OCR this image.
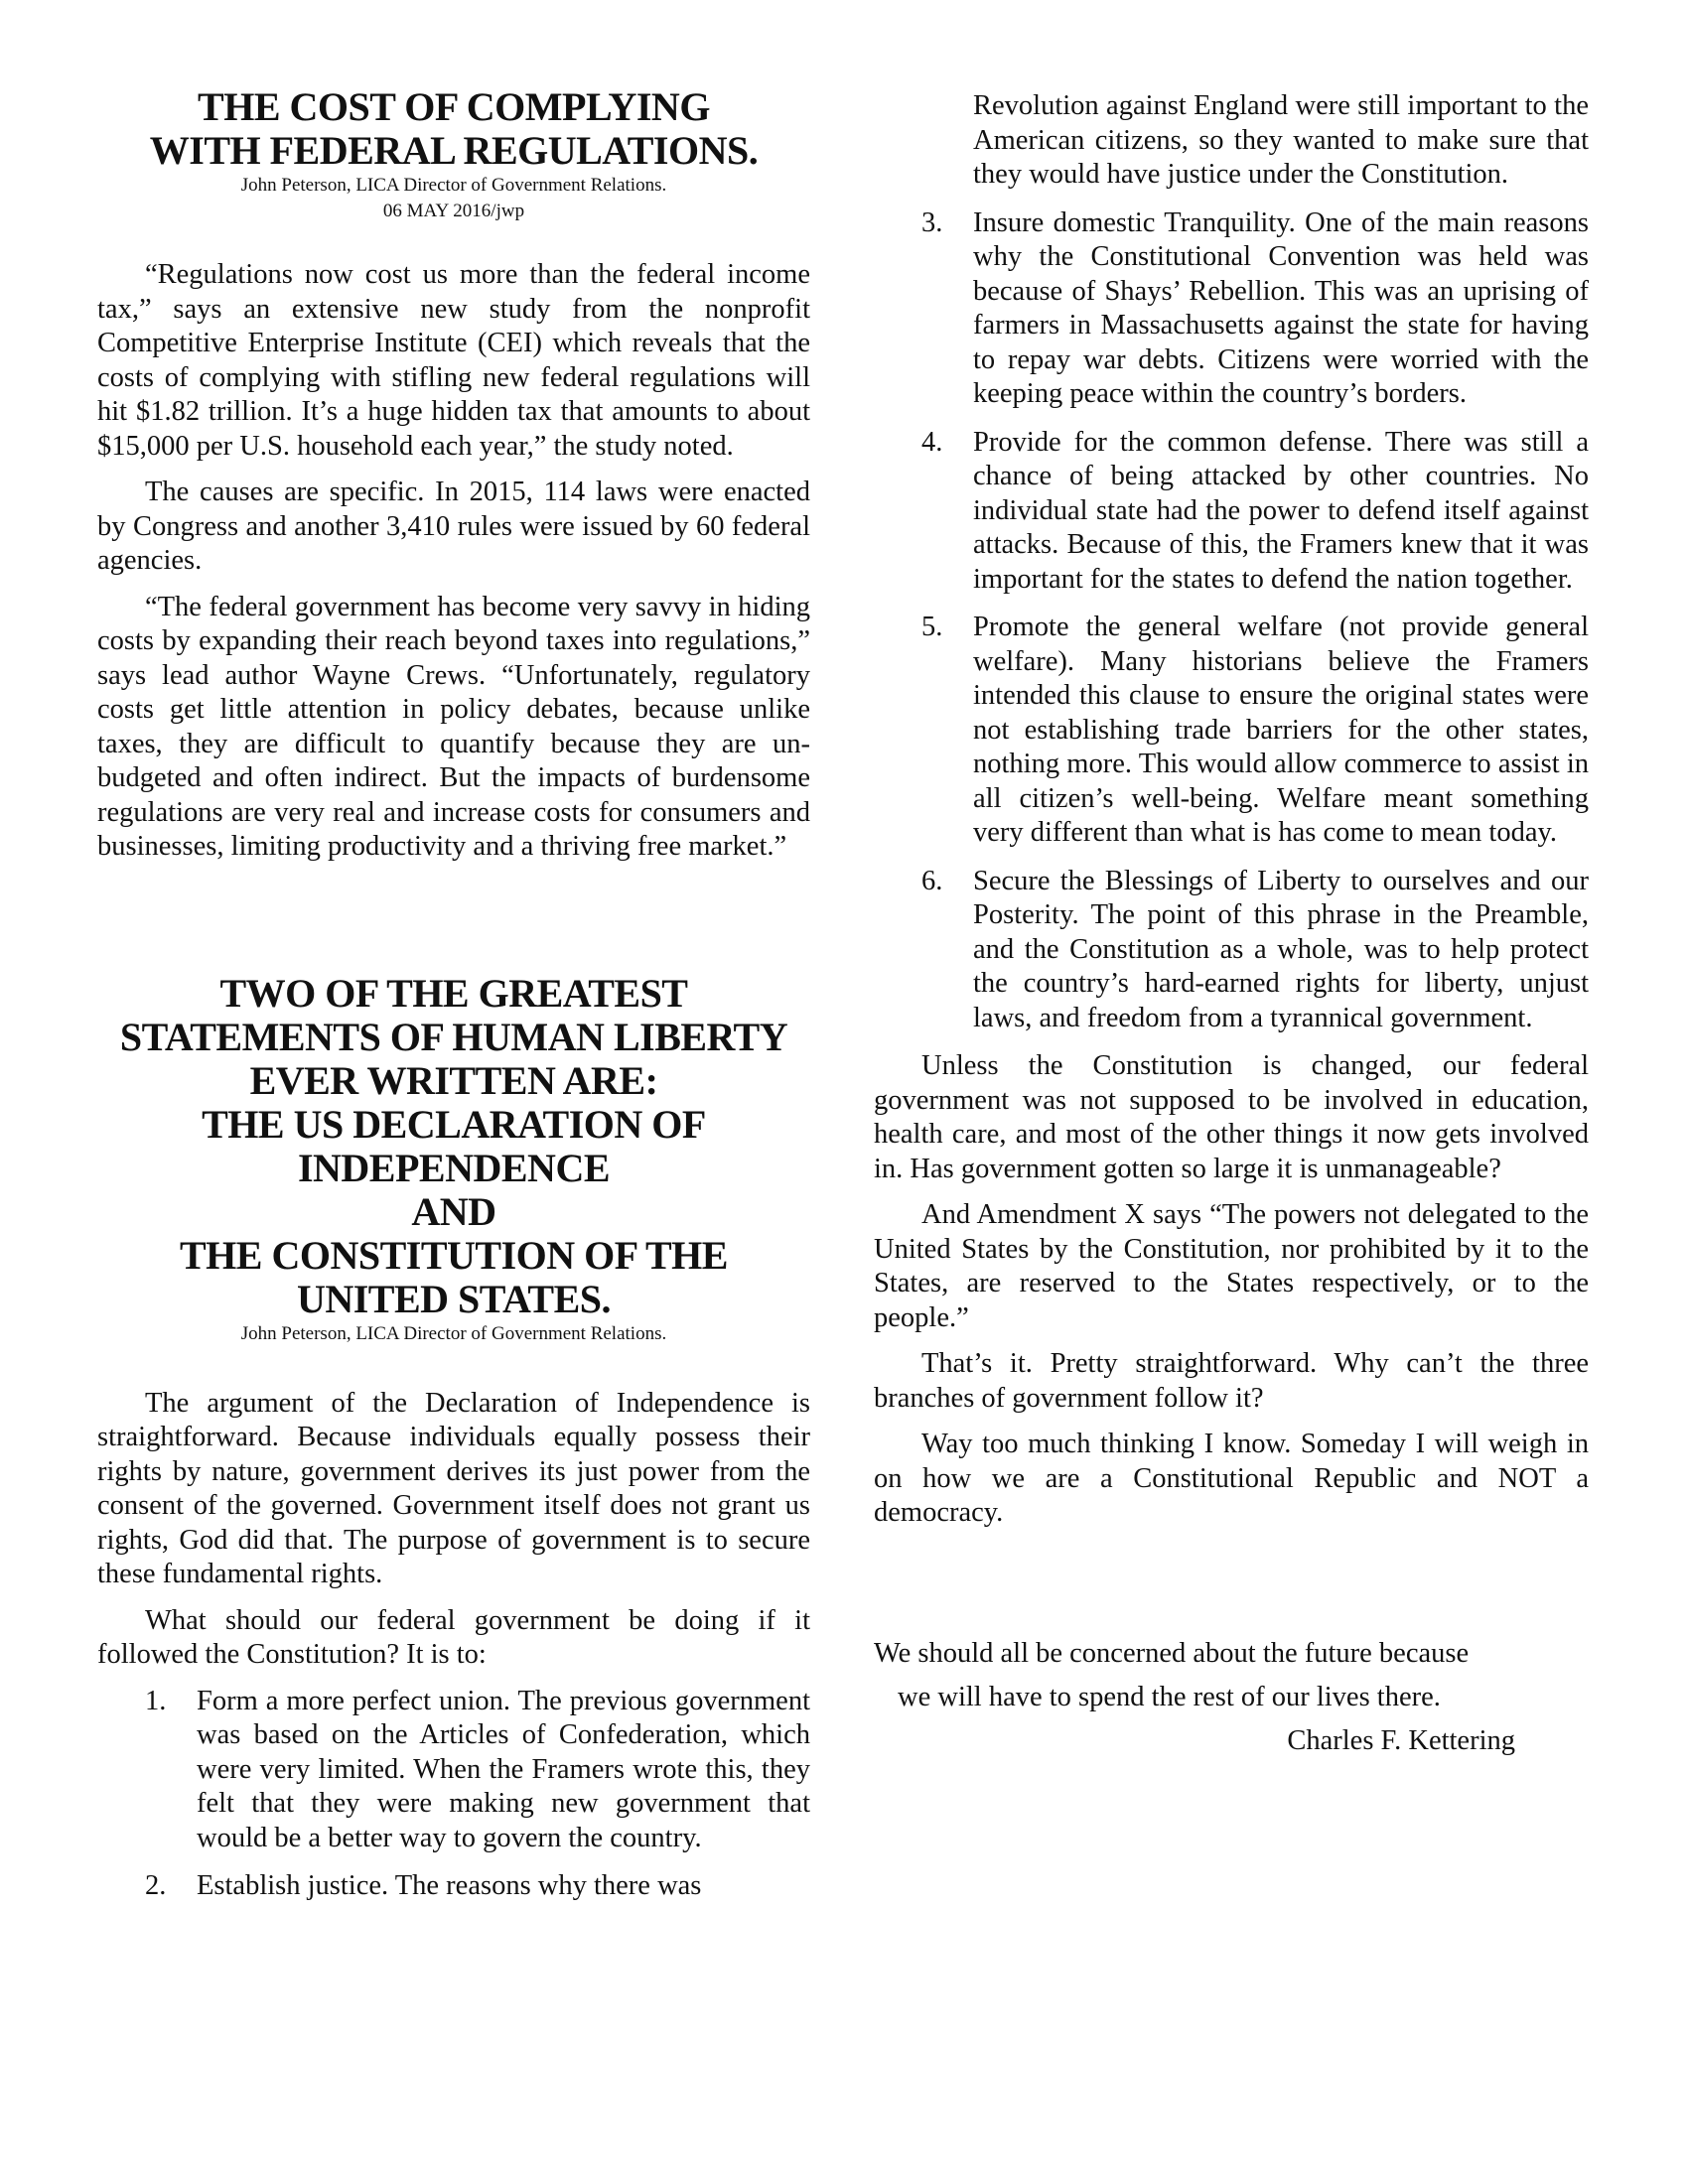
THE COST OF COMPLYING
WITH FEDERAL REGULATIONS.

John Peterson, LICA Director of Government Relations.

06 MAY 2016/jwp

“Regulations now cost us more than the federal income tax,” says an extensive new study from the nonprofit Competitive Enterprise Institute (CEI) which reveals that the costs of complying with stifling new federal regulations will hit $1.82 trillion. It’s a huge hidden tax that amounts to about $15,000 per U.S. household each year,” the study noted.

The causes are specific. In 2015, 114 laws were enacted by Congress and another 3,410 rules were issued by 60 federal agencies.

“The federal government has become very savvy in hiding costs by expanding their reach beyond taxes into regulations,” says lead author Wayne Crews. “Unfortunately, regulatory costs get little attention in policy debates, because unlike taxes, they are difficult to quantify because they are un-budgeted and often indirect. But the impacts of burdensome regulations are very real and increase costs for consumers and businesses, limiting productivity and a thriving free market.”

TWO OF THE GREATEST
STATEMENTS OF HUMAN LIBERTY
EVER WRITTEN ARE:
THE US DECLARATION OF
INDEPENDENCE
AND
THE CONSTITUTION OF THE
UNITED STATES.

John Peterson, LICA Director of Government Relations.

The argument of the Declaration of Independence is straightforward. Because individuals equally possess their rights by nature, government derives its just power from the consent of the governed. Government itself does not grant us rights, God did that. The purpose of government is to secure these fundamental rights.

What should our federal government be doing if it followed the Constitution? It is to:

1. Form a more perfect union. The previous government was based on the Articles of Confederation, which were very limited. When the Framers wrote this, they felt that they were making new government that would be a better way to govern the country.
2. Establish justice. The reasons why there was
Revolution against England were still important to the American citizens, so they wanted to make sure that they would have justice under the Constitution.
3. Insure domestic Tranquility. One of the main reasons why the Constitutional Convention was held was because of Shays’ Rebellion. This was an uprising of farmers in Massachusetts against the state for having to repay war debts. Citizens were worried with the keeping peace within the country’s borders.
4. Provide for the common defense. There was still a chance of being attacked by other countries. No individual state had the power to defend itself against attacks. Because of this, the Framers knew that it was important for the states to defend the nation together.
5. Promote the general welfare (not provide general welfare). Many historians believe the Framers intended this clause to ensure the original states were not establishing trade barriers for the other states, nothing more. This would allow commerce to assist in all citizen’s well-being. Welfare meant something very different than what is has come to mean today.
6. Secure the Blessings of Liberty to ourselves and our Posterity. The point of this phrase in the Preamble, and the Constitution as a whole, was to help protect the country’s hard-earned rights for liberty, unjust laws, and freedom from a tyrannical government.

Unless the Constitution is changed, our federal government was not supposed to be involved in education, health care, and most of the other things it now gets involved in. Has government gotten so large it is unmanageable?

And Amendment X says “The powers not delegated to the United States by the Constitution, nor prohibited by it to the States, are reserved to the States respectively, or to the people.”

That’s it. Pretty straightforward. Why can’t the three branches of government follow it?

Way too much thinking I know. Someday I will weigh in on how we are a Constitutional Republic and NOT a democracy.

We should all be concerned about the future because
we will have to spend the rest of our lives there.
Charles F. Kettering
